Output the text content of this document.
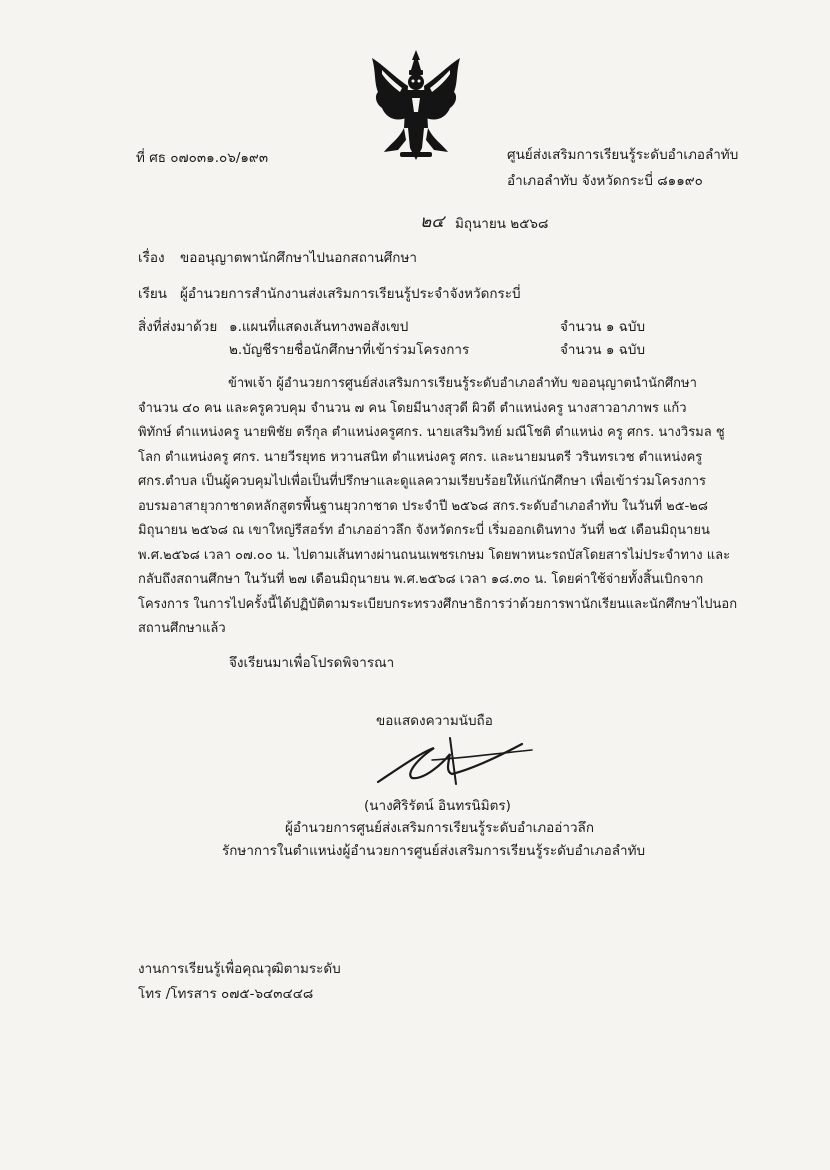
ที่ ศธ ๐๗๐๓๑.๐๖/๑๙๓	ศูนย์ส่งเสริมการเรียนรู้ระดับอำเภอลำทับ
อำเภอลำทับ จังหวัดกระบี่ ๘๑๑๙๐
๒๔ มิถุนายน ๒๕๖๘
เรื่อง ขออนุญาตพานักศึกษาไปนอกสถานศึกษา
เรียน ผู้อำนวยการสำนักงานส่งเสริมการเรียนรู้ประจำจังหวัดกระบี่
สิ่งที่ส่งมาด้วย ๑.แผนที่แสดงเส้นทางพอสังเขป	จำนวน ๑ ฉบับ
๒.บัญชีรายชื่อนักศึกษาที่เข้าร่วมโครงการ	จำนวน ๑ ฉบับ
ข้าพเจ้า ผู้อำนวยการศูนย์ส่งเสริมการเรียนรู้ระดับอำเภอลำทับ ขออนุญาตนำนักศึกษา
จำนวน ๔๐ คน และครูควบคุม จำนวน ๗ คน โดยมีนางสุวดี ผิวดี ตำแหน่งครู นางสาวอาภาพร แก้ว
พิทักษ์ ตำแหน่งครู นายพิชัย ตรีกุล ตำแหน่งครูศกร. นายเสริมวิทย์ มณีโชติ ตำแหน่ง ครู ศกร. นางวิรมล ชู
โลก ตำแหน่งครู ศกร. นายวีรยุทธ หวานสนิท ตำแหน่งครู ศกร. และนายมนตรี วรินทรเวช ตำแหน่งครู
ศกร.ตำบล เป็นผู้ควบคุมไปเพื่อเป็นที่ปรึกษาและดูแลความเรียบร้อยให้แก่นักศึกษา เพื่อเข้าร่วมโครงการ
อบรมอาสายุวกาชาดหลักสูตรพื้นฐานยุวกาชาด ประจำปี ๒๕๖๘ สกร.ระดับอำเภอลำทับ ในวันที่ ๒๕-๒๘
มิถุนายน ๒๕๖๘ ณ เขาใหญ่รีสอร์ท อำเภออ่าวลึก จังหวัดกระบี่ เริ่มออกเดินทาง วันที่ ๒๕ เดือนมิถุนายน
พ.ศ.๒๕๖๘ เวลา ๐๗.๐๐ น. ไปตามเส้นทางผ่านถนนเพชรเกษม โดยพาหนะรถบัสโดยสารไม่ประจำทาง และ
กลับถึงสถานศึกษา ในวันที่ ๒๗ เดือนมิถุนายน พ.ศ.๒๕๖๘ เวลา ๑๘.๓๐ น. โดยค่าใช้จ่ายทั้งสิ้นเบิกจาก
โครงการ ในการไปครั้งนี้ได้ปฏิบัติตามระเบียบกระทรวงศึกษาธิการว่าด้วยการพานักเรียนและนักศึกษาไปนอก
สถานศึกษาแล้ว
จึงเรียนมาเพื่อโปรดพิจารณา
ขอแสดงความนับถือ
(นางศิริรัตน์ อินทรนิมิตร)
ผู้อำนวยการศูนย์ส่งเสริมการเรียนรู้ระดับอำเภออ่าวลึก
รักษาการในตำแหน่งผู้อำนวยการศูนย์ส่งเสริมการเรียนรู้ระดับอำเภอลำทับ
งานการเรียนรู้เพื่อคุณวุฒิตามระดับ
โทร /โทรสาร ๐๗๕-๖๔๓๔๔๘
